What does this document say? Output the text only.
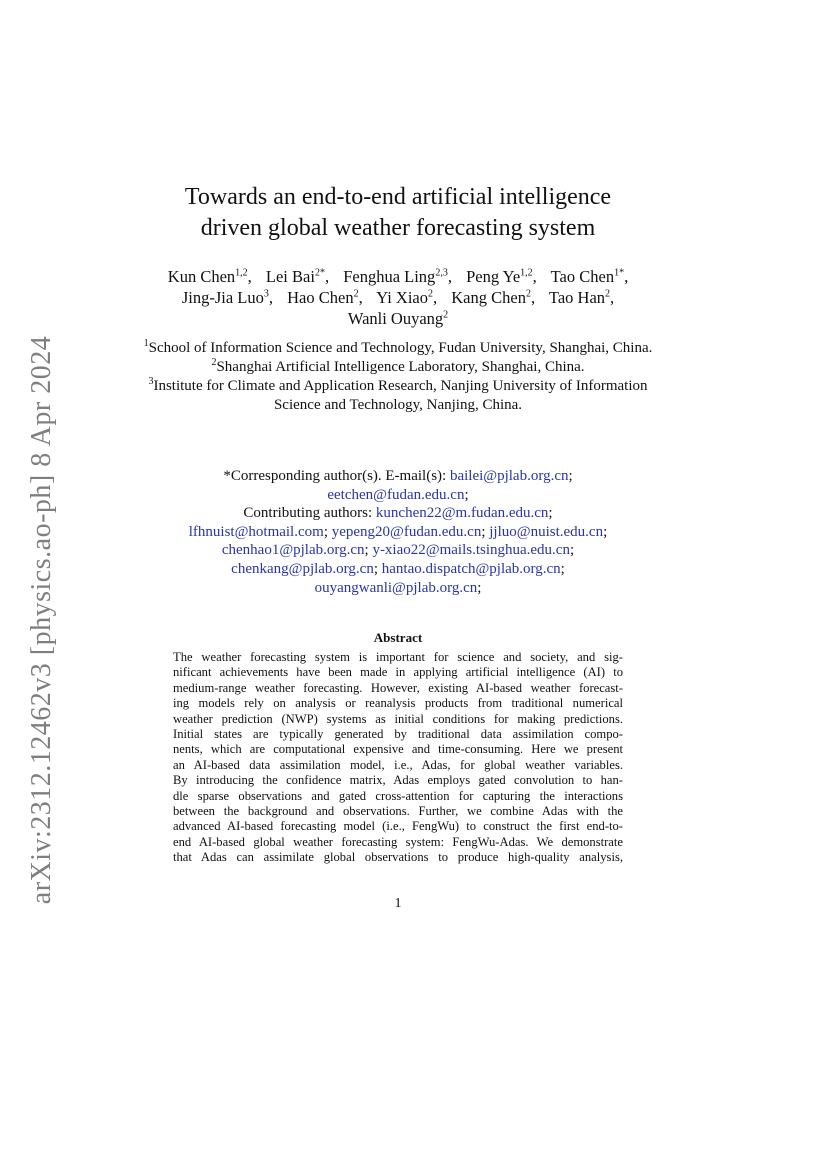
arXiv:2312.12462v3 [physics.ao-ph] 8 Apr 2024
Towards an end-to-end artificial intelligence
driven global weather forecasting system
Kun Chen$^{1,2}$, Lei Bai$^{2*}$, Fenghua Ling$^{2,3}$, Peng Ye$^{1,2}$, Tao Chen$^{1*}$,
Jing-Jia Luo$^3$, Hao Chen$^2$, Yi Xiao$^2$, Kang Chen$^2$, Tao Han$^2$,
Wanli Ouyang$^2$
$^1$School of Information Science and Technology, Fudan University, Shanghai, China.
$^2$Shanghai Artificial Intelligence Laboratory, Shanghai, China.
$^3$Institute for Climate and Application Research, Nanjing University of Information Science and Technology, Nanjing, China.
*Corresponding author(s). E-mail(s): bailei@pjlab.org.cn;
eetchen@fudan.edu.cn;
Contributing authors: kunchen22@m.fudan.edu.cn;
lfhnuist@hotmail.com; yepeng20@fudan.edu.cn; jjluo@nuist.edu.cn;
chenhao1@pjlab.org.cn; y-xiao22@mails.tsinghua.edu.cn;
chenkang@pjlab.org.cn; hantao.dispatch@pjlab.org.cn;
ouyangwanli@pjlab.org.cn;
Abstract
The weather forecasting system is important for science and society, and sig-
nificant achievements have been made in applying artificial intelligence (AI) to
medium-range weather forecasting. However, existing AI-based weather forecast-
ing models rely on analysis or reanalysis products from traditional numerical
weather prediction (NWP) systems as initial conditions for making predictions.
Initial states are typically generated by traditional data assimilation compo-
nents, which are computational expensive and time-consuming. Here we present
an AI-based data assimilation model, i.e., Adas, for global weather variables.
By introducing the confidence matrix, Adas employs gated convolution to han-
dle sparse observations and gated cross-attention for capturing the interactions
between the background and observations. Further, we combine Adas with the
advanced AI-based forecasting model (i.e., FengWu) to construct the first end-to-
end AI-based global weather forecasting system: FengWu-Adas. We demonstrate
that Adas can assimilate global observations to produce high-quality analysis,
1
